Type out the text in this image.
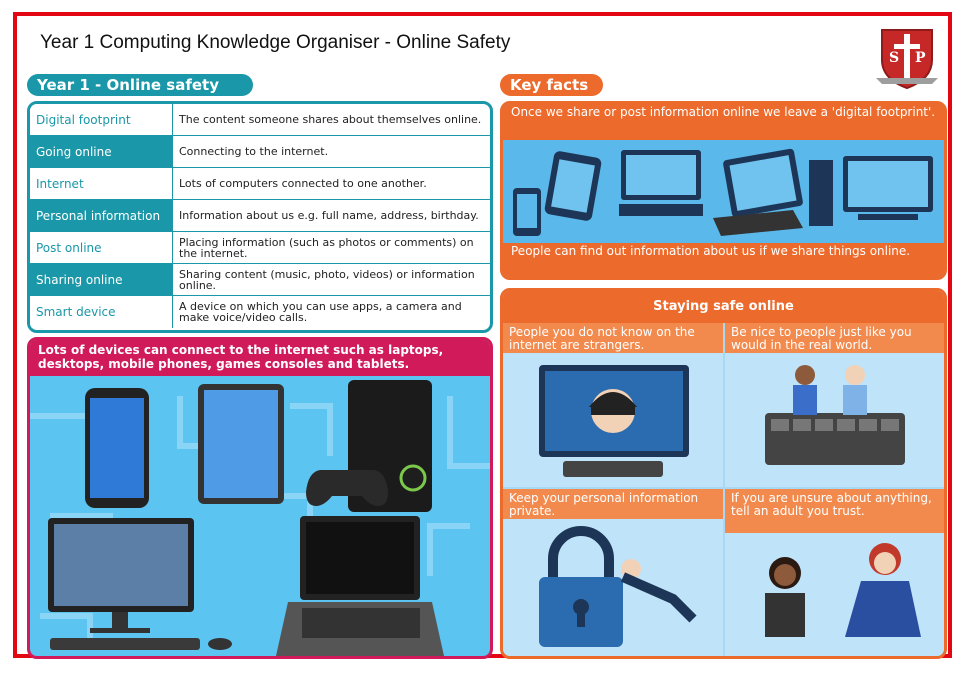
Year 1 Computing Knowledge Organiser - Online Safety
S P
Year 1 - Online safety
Digital footprint	The content someone shares about themselves online.
Going online	Connecting to the internet.
Internet	Lots of computers connected to one another.
Personal information	Information about us e.g. full name, address, birthday.
Post online	Placing information (such as photos or comments) on the internet.
Sharing online	Sharing content (music, photo, videos) or information online.
Smart device	A device on which you can use apps, a camera and make voice/video calls.
Lots of devices can connect to the internet such as laptops, desktops, mobile phones, games consoles and tablets.
Key facts
Once we share or post information online we leave a 'digital footprint'.
People can find out information about us if we share things online.
Staying safe online
People you do not know on the internet are strangers.
Be nice to people just like you would in the real world.
Keep your personal information private.
If you are unsure about anything, tell an adult you trust.
